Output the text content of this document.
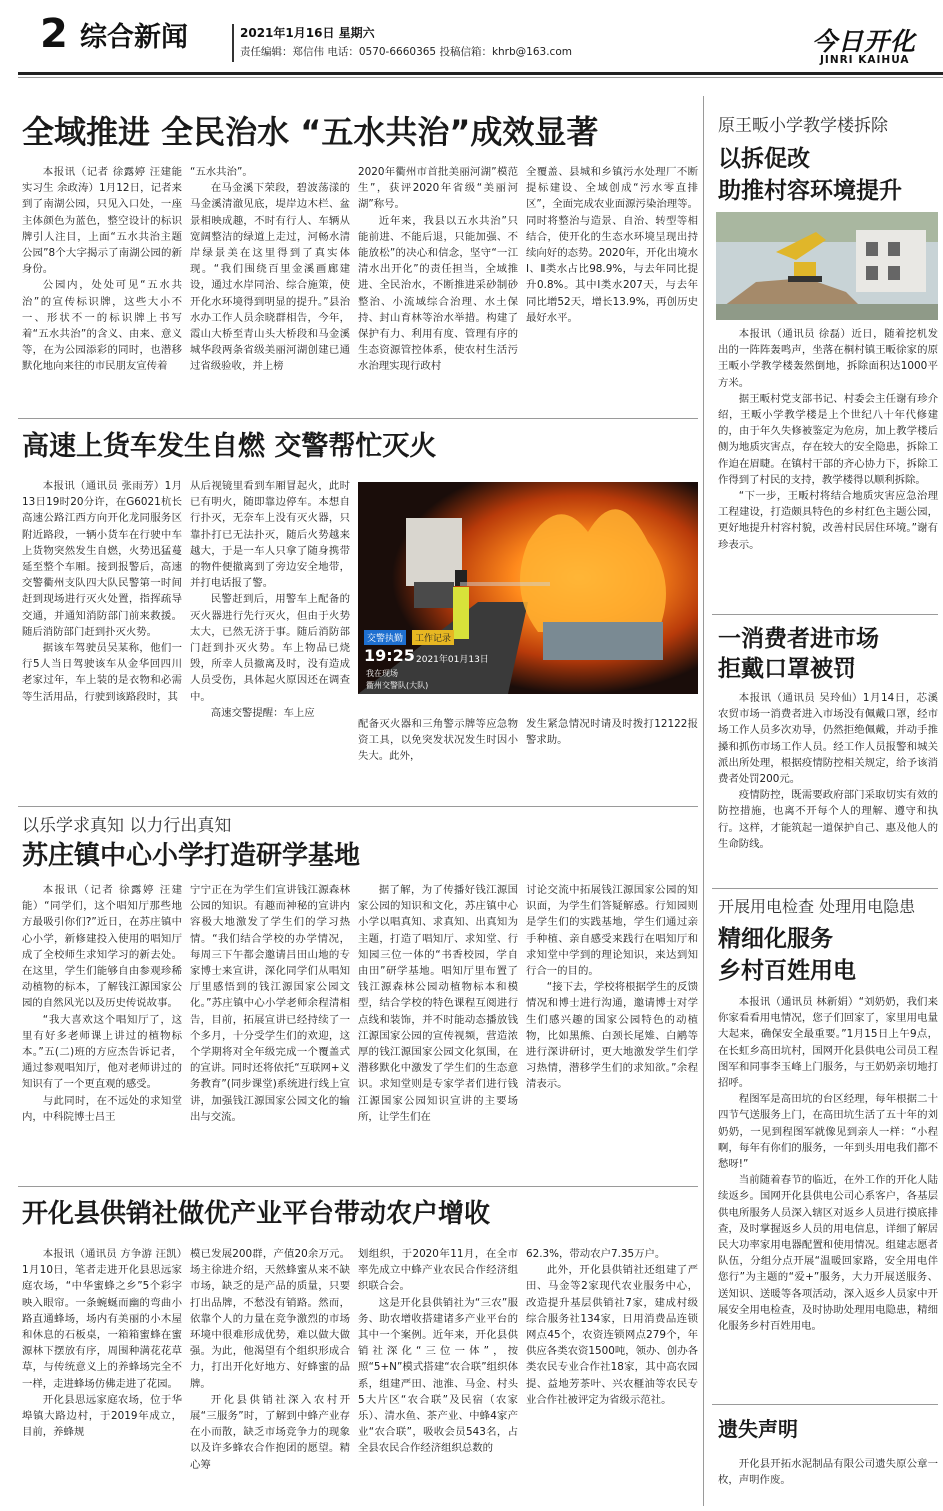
2 综合新闻	2021年1月16日 星期六
责任编辑：郑信伟 电话：0570-6660365 投稿信箱：khrb@163.com	今日开化
JINRI KAIHUA
全域推进 全民治水 “五水共治”成效显著

本报讯（记者 徐露婷 汪建能 实习生 余政涛）1月12日，记者来到了南湖公园，只见入口处，一座主体颜色为蓝色，整空设计的标识牌引人注目，上面“五水共治主题公园”8个大字揭示了南湖公园的新身份。

公园内，处处可见“五水共治”的宣传标识牌，这些大小不一、形状不一的标识牌上书写着“五水共治”的含义、由来、意义等，在为公园添彩的同时，也潜移默化地向来往的市民朋友宣传着

“五水共治”。

在马金溪下荣段，碧波荡漾的马金溪清澈见底，堤岸边木栏、盆景相映成趣，不时有行人、车辆从宽阔整洁的绿道上走过，河畅水清岸绿景美在这里得到了真实体现。“我们围绕百里金溪画廊建设，通过水岸同治、综合施策，使开化水环境得到明显的提升。”县治水办工作人员余晓群相告，今年，霞山大桥至青山头大桥段和马金溪城华段两条省级美丽河湖创建已通过省级验收，并上榜

2020年衢州市首批美丽河湖”模范生”，获评2020年省级“美丽河湖”称号。

近年来，我县以五水共治”只能前进、不能后退，只能加强、不能放松”的决心和信念，坚守“一江清水出开化”的责任担当，全域推进、全民治水，不断推进采砂制砂整治、小流域综合治理、水土保持、封山育林等治水举措。构建了保护有力、利用有度、管理有序的生态资源管控体系，使农村生活污水治理实现行政村

全覆盖、县城和乡镇污水处理厂不断提标建设、全域创成“污水零直排区”，全面完成农业面源污染治理等。同时将整治与造景、自治、转型等相结合，使开化的生态水环境呈现出持续向好的态势。2020年，开化出境水Ⅰ、Ⅱ类水占比98.9%，与去年同比提升0.8%。其中Ⅰ类水207天，与去年同比增52天，增长13.9%，再创历史最好水平。

高速上货车发生自燃 交警帮忙灭火

本报讯（通讯员 张雨芳）1月13日19时20分许，在G6021杭长高速公路江西方向开化龙同服务区附近路段，一辆小货车在行驶中车上货物突然发生自燃，火势迅猛蔓延至整个车厢。接到报警后，高速交警衢州支队四大队民警第一时间赶到现场进行灭火处置，指挥疏导交通，并通知消防部门前来救援。随后消防部门赶到扑灭火势。

据该车驾驶员吴某称，他们一行5人当日驾驶该车从金华回四川老家过年，车上装的是衣物和必需等生活用品，行驶到该路段时，其

从后视镜里看到车厢冒起火，此时已有明火，随即靠边停车。本想自行扑灭，无奈车上没有灭火器，只靠扑打已无法扑灭，随后火势越来越大，于是一车人只拿了随身携带的物件便撤离到了旁边安全地带，并打电话报了警。

民警赶到后，用警车上配备的灭火器进行先行灭火，但由于火势太大，已然无济于事。随后消防部门赶到扑灭火势。车上物品已烧毁，所幸人员撤离及时，没有造成人员受伤，具体起火原因还在调查中。

高速交警提醒：车上应

交警执勤	工作记录
19:25 2021年01月13日
我在现场
衢州交警队(大队)

配备灭火器和三角警示牌等应急物资工具，以免突发状况发生时因小失大。此外，

发生紧急情况时请及时拨打12122报警求助。

以乐学求真知 以力行出真知
苏庄镇中心小学打造研学基地

本报讯（记者 徐露婷 汪建能）“同学们，这个唱知厅那些地方最吸引你们?”近日，在苏庄镇中心小学，新修建投入使用的唱知厅成了全校师生求知学习的新去处。在这里，学生们能够自由参观珍稀动植物的标本，了解钱江源国家公园的自然风光以及历史传说故事。

“我大喜欢这个唱知厅了，这里有好多老师课上讲过的植物标本。”五(二)班的方应杰告诉记者，通过参观唱知厅，他对老师讲过的知识有了一个更直观的感受。

与此同时，在不远处的求知堂内，中科院博士吕王

宁宁正在为学生们宣讲钱江源森林公园的知识。有趣而神秘的宣讲内容极大地激发了学生们的学习热情。“我们结合学校的办学情况，每周三下午都会邀请吕田山地的专家博士来宣讲，深化同学们从唱知厅里感悟到的钱江源国家公园文化。”苏庄镇中心小学老师余程清相告，目前，拓展宣讲已经持续了一个多月，十分受学生们的欢迎，这个学期将对全年级完成一个覆盖式的宣讲。同时还将依托“互联网+义务教育”(同步课堂)系统进行线上宣讲，加强钱江源国家公园文化的输出与交流。

据了解，为了传播好钱江源国家公园的知识和文化，苏庄镇中心小学以唱真知、求真知、出真知为主题，打造了唱知厅、求知堂、行知园三位一体的“书香校园，学自由田”研学基地。唱知厅里布置了钱江源森林公园动植物标本和模型，结合学校的特色课程互阅进行点线和装饰，并不时能动态播放钱江源国家公园的宣传视频，营造浓厚的钱江源国家公园文化氛围，在潜移默化中激发了学生们的生态意识。求知堂则是专家学者们进行钱江源国家公园知识宣讲的主要场所，让学生们在

讨论交流中拓展钱江源国家公园的知识面，为学生们答疑解惑。行知园则是学生们的实践基地，学生们通过亲手种植、亲自感受来践行在唱知厅和求知堂中学到的理论知识，来达到知行合一的目的。

“接下去，学校将根据学生的反馈情况和博士进行沟通，邀请博士对学生们感兴趣的国家公园特色的动植物，比如黑熊、白颈长尾雉、白鹇等进行深讲研讨，更大地激发学生们学习热情，潜移学生们的求知欲。”余程清表示。

开化县供销社做优产业平台带动农户增收

本报讯（通讯员 方争游 汪凯）1月10日，笔者走进开化县思远家庭农场，“中华蜜蜂之乡”5个彩字映入眼帘。一条蜿蜒而幽的弯曲小路直通蜂场，场内有美丽的小木屋和休息的石板桌，一箱箱蜜蜂在蜜源林下摆放有序，周围种满花花草草，与传统意义上的养蜂场完全不一样，走进蜂场仿佛走进了花园。

开化县思远家庭农场，位于华埠镇大路边村，于2019年成立，目前，养蜂规

模已发展200群，产值20余万元。场主徐进介绍，天然蜂蜜从来不缺市场，缺乏的是产品的质量，只要打出品牌，不愁没有销路。然而，依靠个人的力量在竞争激烈的市场环境中很难形成优势，难以做大做强。为此，他渴望有个组织形成合力，打出开化好地方、好蜂蜜的品牌。

开化县供销社深入农村开展“三服务”时，了解到中蜂产业存在小而散，缺乏市场竞争力的现象以及许多蜂农合作抱团的愿望。精心筹

划组织，于2020年11月，在全市率先成立中蜂产业农民合作经济组织联合会。

这是开化县供销社为“三农”服务、助农增收搭建诸多产业平台的其中一个案例。近年来，开化县供销社深化“三位一体”，按照“5+N”模式搭建“农合联”组织体系，组建严田、池淮、马金、村头5大片区“农合联”及民宿（农家乐）、清水鱼、茶产业、中蜂4家产业“农合联”，吸收会员543名，占全县农民合作经济组织总数的

62.3%，带动农户7.35万户。

此外，开化县供销社还组建了严田、马金等2家现代农业服务中心，改造提升基层供销社7家，建成村级综合服务社134家，日用消费品连锁网点45个，农资连锁网点279个，年供应各类农资1500吨，领办、创办各类农民专业合作社18家，其中高农园提、益地芳茶叶、兴农榧油等农民专业合作社被评定为省级示范社。

原王畈小学教学楼拆除
以拆促改
助推村容环境提升

本报讯（通讯员 徐磊）近日，随着挖机发出的一阵阵轰鸣声，坐落在桐村镇王畈徐家的原王畈小学教学楼轰然倒地，拆除面积达1000平方米。

据王畈村党支部书记、村委会主任谢有珍介绍，王畈小学教学楼是上个世纪八十年代修建的，由于年久失修被鉴定为危房，加上教学楼后侧为地质灾害点，存在较大的安全隐患，拆除工作迫在眉睫。在镇村干部的齐心协力下，拆除工作得到了村民的支持，教学楼得以顺利拆除。

“下一步，王畈村将结合地质灾害应急治理工程建设，打造颇具特色的乡村红色主题公园，更好地提升村容村貌，改善村民居住环境。”谢有珍表示。

一消费者进市场
拒戴口罩被罚

本报讯（通讯员 吴玲仙）1月14日，芯溪农贸市场一消费者进入市场没有佩戴口罩，经市场工作人员多次劝导，仍然拒绝佩戴，并动手推搡和抓伤市场工作人员。经工作人员报警和城关派出所处理，根据疫情防控相关规定，给予该消费者处罚200元。

疫情防控，既需要政府部门采取切实有效的防控措施，也离不开每个人的理解、遵守和执行。这样，才能筑起一道保护自己、惠及他人的生命防线。

开展用电检查 处理用电隐患
精细化服务
乡村百姓用电

本报讯（通讯员 林新娟）“刘奶奶，我们来你家看看用电情况，您子们回家了，家里用电量大起来，确保安全最重要。”1月15日上午9点，在长虹乡高田坑村，国网开化县供电公司员工程图军和同事李玉峰上门服务，与王奶奶亲切地打招呼。

程图军是高田坑的台区经理，每年根据二十四节气送服务上门，在高田坑生活了五十年的刘奶奶，一见到程图军就像见到亲人一样：“小程啊，每年有你们的服务，一年到头用电我们都不愁呀!”

当前随着春节的临近，在外工作的开化人陆续返乡。国网开化县供电公司心系客户，各基层供电所服务人员深入辖区对返乡人员进行摸底排查，及时掌握返乡人员的用电信息，详细了解居民大功率家用电器配置和使用情况。组建志愿者队伍，分组分点开展“温暖回家路，安全用电伴您行”为主题的“爱+”服务，大力开展送服务、送知识、送暖等各项活动，深入返乡人员家中开展安全用电检查，及时协助处理用电隐患，精细化服务乡村百姓用电。

遗失声明

开化县开拓水泥制品有限公司遗失原公章一枚，声明作废。
